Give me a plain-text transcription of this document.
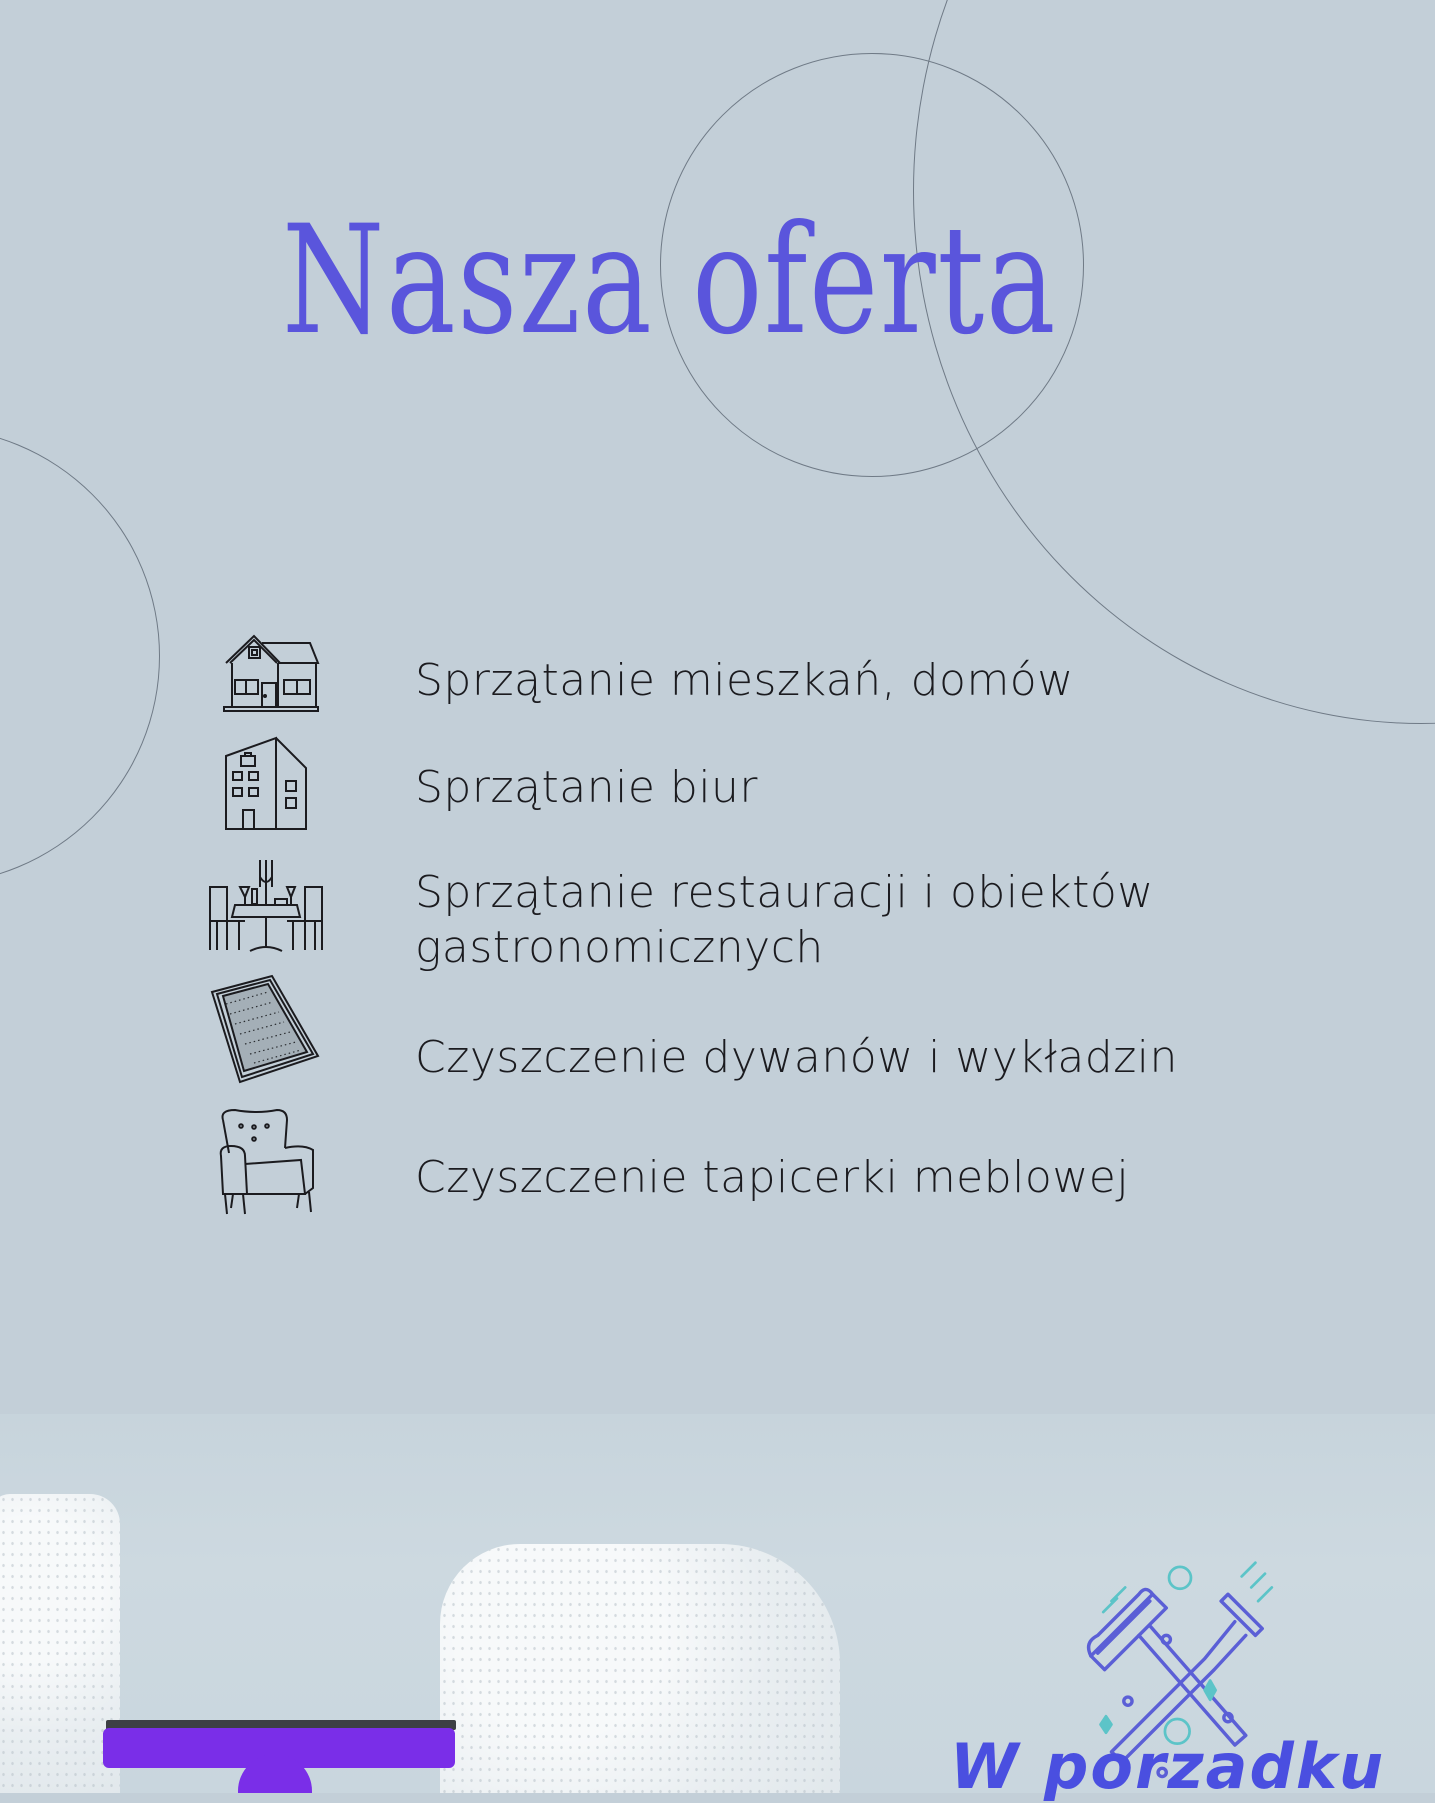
Nasza oferta
Sprzątanie mieszkań, domów
Sprzątanie biur
Sprzątanie restauracji i obiektów
gastronomicznych
Czyszczenie dywanów i wykładzin
Czyszczenie tapicerki meblowej
W porzadku
